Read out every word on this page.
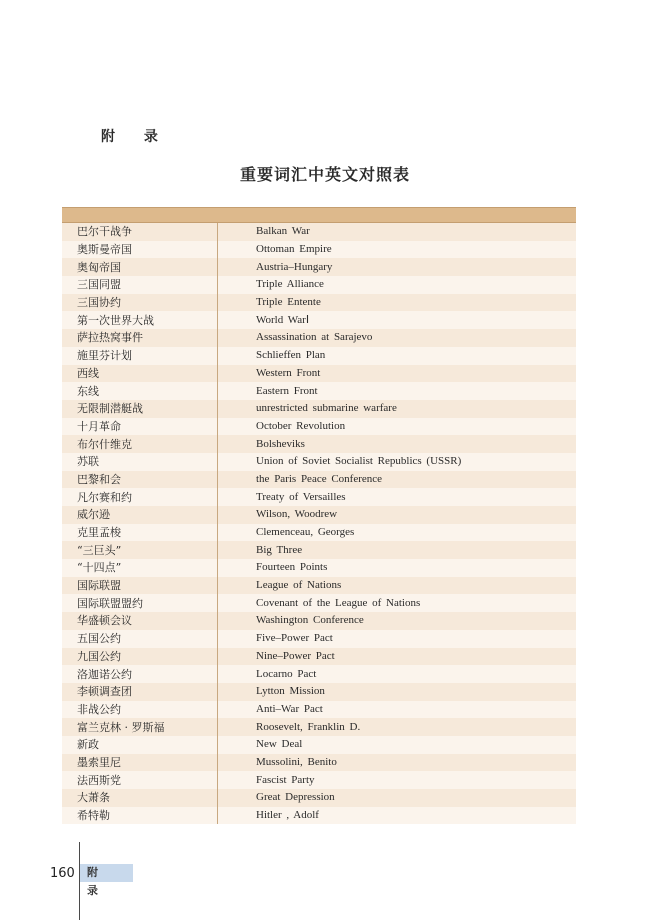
附 录
重要词汇中英文对照表
巴尔干战争	Balkan War
奥斯曼帝国	Ottoman Empire
奥匈帝国	Austria–Hungary
三国同盟	Triple Alliance
三国协约	Triple Entente
第一次世界大战	World WarⅠ
萨拉热窝事件	Assassination at Sarajevo
施里芬计划	Schlieffen Plan
西线	Western Front
东线	Eastern Front
无限制潜艇战	unrestricted submarine warfare
十月革命	October Revolution
布尔什维克	Bolsheviks
苏联	Union of Soviet Socialist Republics (USSR)
巴黎和会	the Paris Peace Conference
凡尔赛和约	Treaty of Versailles
威尔逊	Wilson, Woodrew
克里孟梭	Clemenceau, Georges
“三巨头”	Big Three
“十四点”	Fourteen Points
国际联盟	League of Nations
国际联盟盟约	Covenant of the League of Nations
华盛顿会议	Washington Conference
五国公约	Five–Power Pact
九国公约	Nine–Power Pact
洛迦诺公约	Locarno Pact
李顿调查团	Lytton Mission
非战公约	Anti–War Pact
富兰克林 · 罗斯福	Roosevelt, Franklin D.
新政	New Deal
墨索里尼	Mussolini, Benito
法西斯党	Fascist Party
大萧条	Great Depression
希特勒	Hitler , Adolf
160	附 录
